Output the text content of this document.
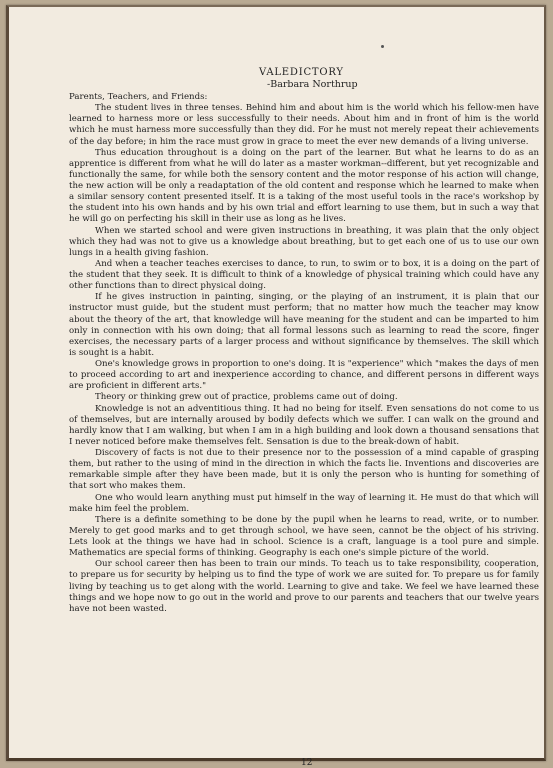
VALEDICTORY
-Barbara Northrup

Parents, Teachers, and Friends:

The student lives in three tenses. Behind him and about him is the world which his fellow-men have learned to harness more or less successfully to their needs. About him and in front of him is the world which he must harness more successfully than they did. For he must not merely repeat their achievements of the day before; in him the race must grow in grace to meet the ever new demands of a living universe.

Thus education throughout is a doing on the part of the learner. But what he learns to do as an apprentice is different from what he will do later as a master workman--different, but yet recognizable and functionally the same, for while both the sensory content and the motor response of his action will change, the new action will be only a readaptation of the old content and response which he learned to make when a similar sensory content presented itself. It is a taking of the most useful tools in the race's workshop by the student into his own hands and by his own trial and effort learning to use them, but in such a way that he will go on perfecting his skill in their use as long as he lives.

When we started school and were given instructions in breathing, it was plain that the only object which they had was not to give us a knowledge about breathing, but to get each one of us to use our own lungs in a health giving fashion.

And when a teacher teaches exercises to dance, to run, to swim or to box, it is a doing on the part of the student that they seek. It is difficult to think of a knowledge of physical training which could have any other functions than to direct physical doing.

If he gives instruction in painting, singing, or the playing of an instrument, it is plain that our instructor must guide, but the student must perform; that no matter how much the teacher may know about the theory of the art, that knowledge will have meaning for the student and can be imparted to him only in connection with his own doing; that all formal lessons such as learning to read the score, finger exercises, the necessary parts of a larger process and without significance by themselves. The skill which is sought is a habit.

One's knowledge grows in proportion to one's doing. It is "experience" which "makes the days of men to proceed according to art and inexperience according to chance, and different persons in different ways are proficient in different arts."

Theory or thinking grew out of practice, problems came out of doing.

Knowledge is not an adventitious thing. It had no being for itself. Even sensations do not come to us of themselves, but are internally aroused by bodily defects which we suffer. I can walk on the ground and hardly know that I am walking, but when I am in a high building and look down a thousand sensations that I never noticed before make themselves felt. Sensation is due to the break-down of habit.

Discovery of facts is not due to their presence nor to the possession of a mind capable of grasping them, but rather to the using of mind in the direction in which the facts lie. Inventions and discoveries are remarkable simple after they have been made, but it is only the person who is hunting for something of that sort who makes them.

One who would learn anything must put himself in the way of learning it. He must do that which will make him feel the problem.

There is a definite something to be done by the pupil when he learns to read, write, or to number. Merely to get good marks and to get through school, we have seen, cannot be the object of his striving. Lets look at the things we have had in school. Science is a craft, language is a tool pure and simple. Mathematics are special forms of thinking. Geography is each one's simple picture of the world.

Our school career then has been to train our minds. To teach us to take responsibility, cooperation, to prepare us for security by helping us to find the type of work we are suited for. To prepare us for family living by teaching us to get along with the world. Learning to give and take. We feel we have learned these things and we hope now to go out in the world and prove to our parents and teachers that our twelve years have not been wasted.

12
